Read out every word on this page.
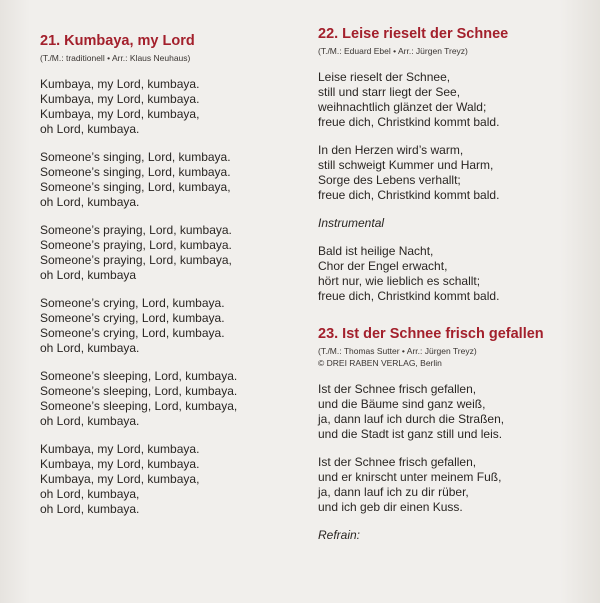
21. Kumbaya, my Lord
(T./M.: traditionell • Arr.: Klaus Neuhaus)
Kumbaya, my Lord, kumbaya.
Kumbaya, my Lord, kumbaya.
Kumbaya, my Lord, kumbaya,
oh Lord, kumbaya.
Someone’s singing, Lord, kumbaya.
Someone’s singing, Lord, kumbaya.
Someone’s singing, Lord, kumbaya,
oh Lord, kumbaya.
Someone’s praying, Lord, kumbaya.
Someone’s praying, Lord, kumbaya.
Someone’s praying, Lord, kumbaya,
oh Lord, kumbaya
Someone’s crying, Lord, kumbaya.
Someone’s crying, Lord, kumbaya.
Someone’s crying, Lord, kumbaya.
oh Lord, kumbaya.
Someone’s sleeping, Lord, kumbaya.
Someone’s sleeping, Lord, kumbaya.
Someone’s sleeping, Lord, kumbaya,
oh Lord, kumbaya.
Kumbaya, my Lord, kumbaya.
Kumbaya, my Lord, kumbaya.
Kumbaya, my Lord, kumbaya,
oh Lord, kumbaya,
oh Lord, kumbaya.
22. Leise rieselt der Schnee
(T./M.: Eduard Ebel • Arr.: Jürgen Treyz)
Leise rieselt der Schnee,
still und starr liegt der See,
weihnachtlich glänzet der Wald;
freue dich, Christkind kommt bald.
In den Herzen wird’s warm,
still schweigt Kummer und Harm,
Sorge des Lebens verhallt;
freue dich, Christkind kommt bald.
Instrumental
Bald ist heilige Nacht,
Chor der Engel erwacht,
hört nur, wie lieblich es schallt;
freue dich, Christkind kommt bald.
23. Ist der Schnee frisch gefallen
(T./M.: Thomas Sutter • Arr.: Jürgen Treyz)
© DREI RABEN VERLAG, Berlin
Ist der Schnee frisch gefallen,
und die Bäume sind ganz weiß,
ja, dann lauf ich durch die Straßen,
und die Stadt ist ganz still und leis.
Ist der Schnee frisch gefallen,
und er knirscht unter meinem Fuß,
ja, dann lauf ich zu dir rüber,
und ich geb dir einen Kuss.
Refrain:
